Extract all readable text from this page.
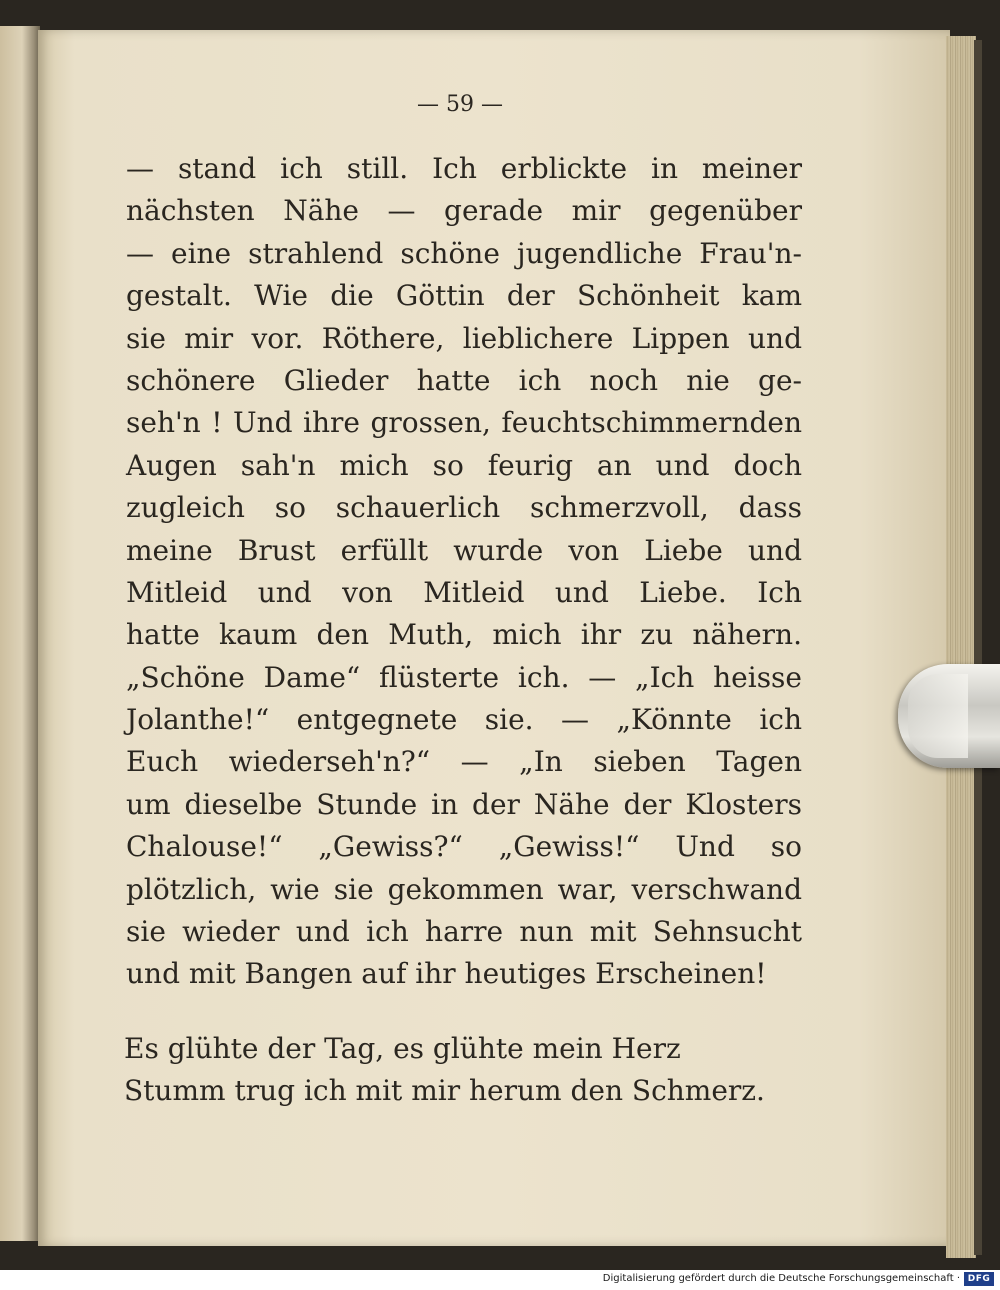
— 59 —
— stand ich still. Ich erblickte in meiner
nächsten Nähe — gerade mir gegenüber
— eine strahlend schöne jugendliche Frau'n-
gestalt. Wie die Göttin der Schönheit kam
sie mir vor. Röthere, lieblichere Lippen und
schönere Glieder hatte ich noch nie ge-
seh'n ! Und ihre grossen, feuchtschimmernden
Augen sah'n mich so feurig an und doch
zugleich so schauerlich schmerzvoll, dass
meine Brust erfüllt wurde von Liebe und
Mitleid und von Mitleid und Liebe. Ich
hatte kaum den Muth, mich ihr zu nähern.
„Schöne Dame“ flüsterte ich. — „Ich heisse
Jolanthe!“ entgegnete sie. — „Könnte ich
Euch wiederseh'n?“ — „In sieben Tagen
um dieselbe Stunde in der Nähe der Klosters
Chalouse!“ „Gewiss?“ „Gewiss!“ Und so
plötzlich, wie sie gekommen war, verschwand
sie wieder und ich harre nun mit Sehnsucht
und mit Bangen auf ihr heutiges Erscheinen!
Es glühte der Tag, es glühte mein Herz
Stumm trug ich mit mir herum den Schmerz.
Digitalisierung gefördert durch die Deutsche Forschungsgemeinschaft · DFG
